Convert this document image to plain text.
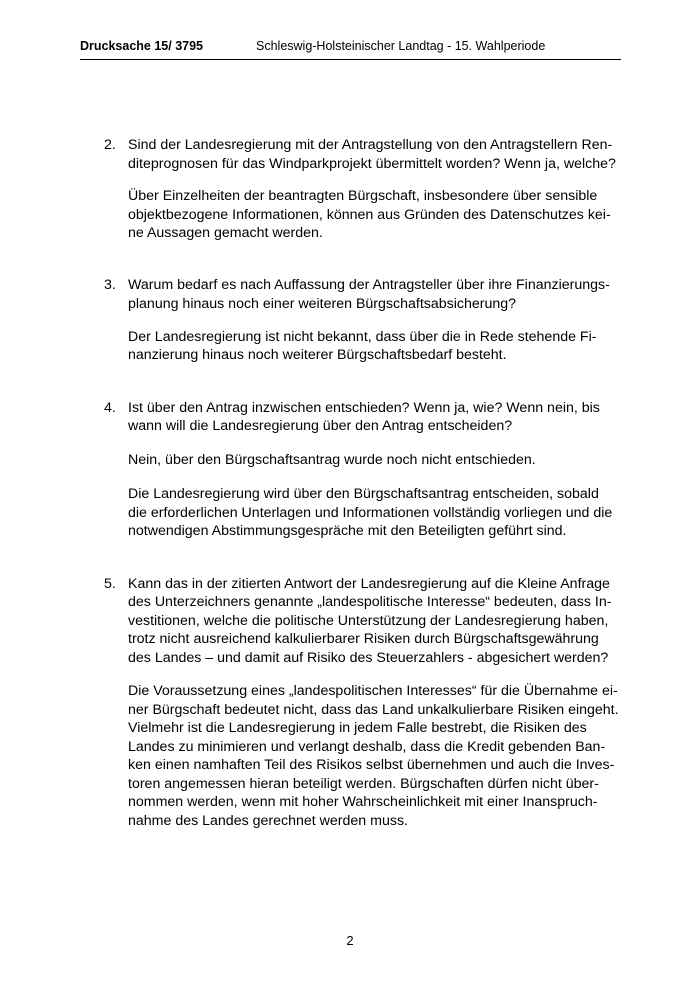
Drucksache 15/ 3795	Schleswig-Holsteinischer Landtag - 15. Wahlperiode
2. Sind der Landesregierung mit der Antragstellung von den Antragstellern Ren-
diteprognosen für das Windparkprojekt übermittelt worden? Wenn ja, welche?
Über Einzelheiten der beantragten Bürgschaft, insbesondere über sensible
objektbezogene Informationen, können aus Gründen des Datenschutzes kei-
ne Aussagen gemacht werden.
3. Warum bedarf es nach Auffassung der Antragsteller über ihre Finanzierungs-
planung hinaus noch einer weiteren Bürgschaftsabsicherung?
Der Landesregierung ist nicht bekannt, dass über die in Rede stehende Fi-
nanzierung hinaus noch weiterer Bürgschaftsbedarf besteht.
4. Ist über den Antrag inzwischen entschieden? Wenn ja, wie? Wenn nein, bis
wann will die Landesregierung über den Antrag entscheiden?
Nein, über den Bürgschaftsantrag wurde noch nicht entschieden.
Die Landesregierung wird über den Bürgschaftsantrag entscheiden, sobald
die erforderlichen Unterlagen und Informationen vollständig vorliegen und die
notwendigen Abstimmungsgespräche mit den Beteiligten geführt sind.
5. Kann das in der zitierten Antwort der Landesregierung auf die Kleine Anfrage
des Unterzeichners genannte „landespolitische Interesse“ bedeuten, dass In-
vestitionen, welche die politische Unterstützung der Landesregierung haben,
trotz nicht ausreichend kalkulierbarer Risiken durch Bürgschaftsgewährung
des Landes – und damit auf Risiko des Steuerzahlers - abgesichert werden?
Die Voraussetzung eines „landespolitischen Interesses“ für die Übernahme ei-
ner Bürgschaft bedeutet nicht, dass das Land unkalkulierbare Risiken eingeht.
Vielmehr ist die Landesregierung in jedem Falle bestrebt, die Risiken des
Landes zu minimieren und verlangt deshalb, dass die Kredit gebenden Ban-
ken einen namhaften Teil des Risikos selbst übernehmen und auch die Inves-
toren angemessen hieran beteiligt werden. Bürgschaften dürfen nicht über-
nommen werden, wenn mit hoher Wahrscheinlichkeit mit einer Inanspruch-
nahme des Landes gerechnet werden muss.
2
